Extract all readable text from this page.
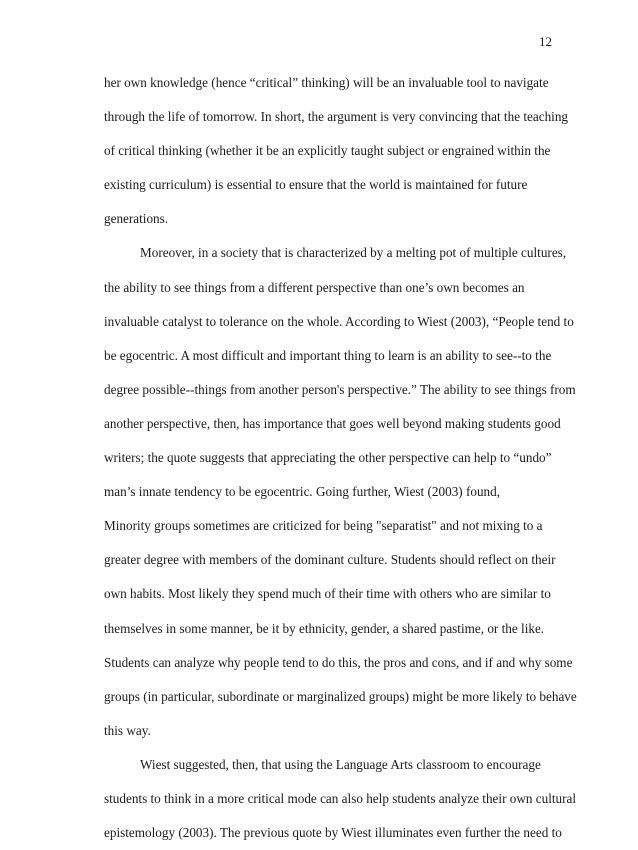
12
her own knowledge (hence “critical” thinking) will be an invaluable tool to navigate
through the life of tomorrow. In short, the argument is very convincing that the teaching
of critical thinking (whether it be an explicitly taught subject or engrained within the
existing curriculum) is essential to ensure that the world is maintained for future
generations.
Moreover, in a society that is characterized by a melting pot of multiple cultures,
the ability to see things from a different perspective than one’s own becomes an
invaluable catalyst to tolerance on the whole. According to Wiest (2003), “People tend to
be egocentric. A most difficult and important thing to learn is an ability to see--to the
degree possible--things from another person's perspective.” The ability to see things from
another perspective, then, has importance that goes well beyond making students good
writers; the quote suggests that appreciating the other perspective can help to “undo”
man’s innate tendency to be egocentric. Going further, Wiest (2003) found,
Minority groups sometimes are criticized for being "separatist" and not mixing to a
greater degree with members of the dominant culture. Students should reflect on their
own habits. Most likely they spend much of their time with others who are similar to
themselves in some manner, be it by ethnicity, gender, a shared pastime, or the like.
Students can analyze why people tend to do this, the pros and cons, and if and why some
groups (in particular, subordinate or marginalized groups) might be more likely to behave
this way.
Wiest suggested, then, that using the Language Arts classroom to encourage
students to think in a more critical mode can also help students analyze their own cultural
epistemology (2003). The previous quote by Wiest illuminates even further the need to
